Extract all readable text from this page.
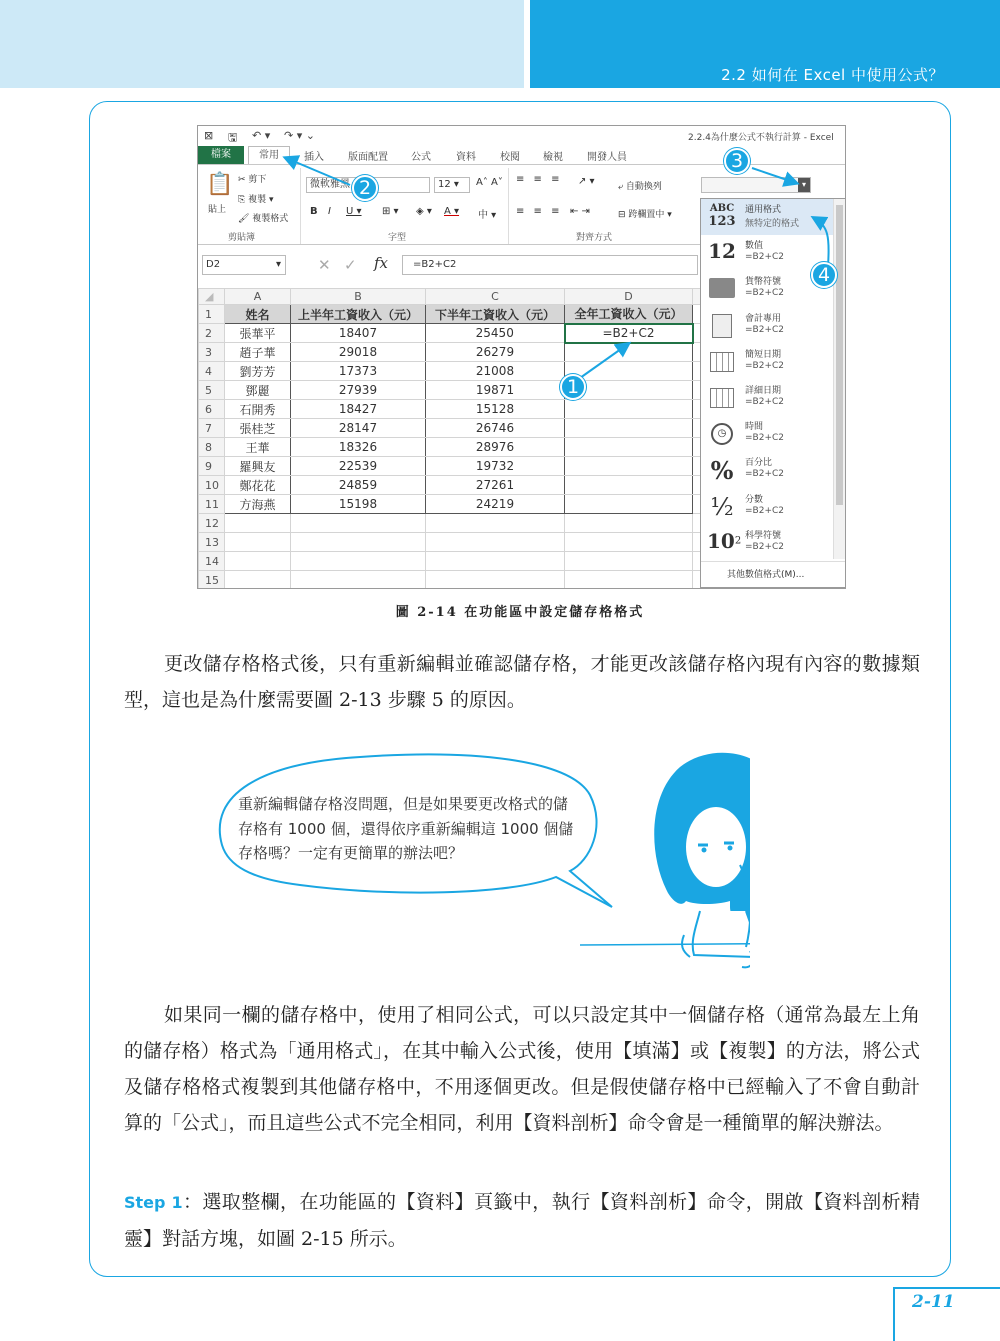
2.2 如何在 Excel 中使用公式？
⊠ 🖫 ↶ ▾ ↷ ▾ ⌄	2.2.4為什麼公式不執行計算 - Excel
檔案	常用	插入 版面配置 公式	資料 校閱 檢視 開發人員
📋
貼上
✂ 剪下
⎘ 複製 ▾
🖌 複製格式
剪貼簿
微軟雅黑	12 ▾	A˄ A˅
B I U ▾ ⊞ ▾ ◈ ▾ A ▾ 中 ▾
字型
≡ ≡ ≡ ↗ ▾	⤶ 自動換列
≡ ≡ ≡ ⇤ ⇥	⊟ 跨欄置中 ▾
對齊方式
▾
D2	▾ ✕ ✓ fx	=B2+C2
◢	A	B	C	D	
1	姓名	上半年工資收入（元）	下半年工資收入（元）	全年工資收入（元）	
2	張華平	18407	25450	=B2+C2	
3	趙子華	29018	26279		
4	劉芳芳	17373	21008		
5	鄧麗	27939	19871		
6	石開秀	18427	15128		
7	張桂芝	28147	26746		
8	王華	18326	28976		
9	羅興友	22539	19732		
10	鄭花花	24859	27261		
11	方海燕	15198	24219		
12					
13					
14					
15					
ABC
123
通用格式
無特定的格式
12 數值
=B2+C2
貨幣符號
=B2+C2
會計專用
=B2+C2
簡短日期
=B2+C2
詳細日期
=B2+C2
◷
時間
=B2+C2
%	百分比
=B2+C2
½	分數
=B2+C2
$10^2$ 科學符號
=B2+C2
其他數值格式(M)...
1
2
3
4
圖 2-14 在功能區中設定儲存格格式
更改儲存格格式後，只有重新編輯並確認儲存格，才能更改該儲存格內現有內容的數據類型，這也是為什麼需要圖 2-13 步驟 5 的原因。
重新編輯儲存格沒問題，但是如果要更改格式的儲存格有 1000 個，還得依序重新編輯這 1000 個儲存格嗎？一定有更簡單的辦法吧？
如果同一欄的儲存格中，使用了相同公式，可以只設定其中一個儲存格（通常為最左上角的儲存格）格式為「通用格式」，在其中輸入公式後，使用【填滿】或【複製】的方法，將公式及儲存格格式複製到其他儲存格中，不用逐個更改。但是假使儲存格中已經輸入了不會自動計算的「公式」，而且這些公式不完全相同，利用【資料剖析】命令會是一種簡單的解決辦法。
Step 1：選取整欄，在功能區的【資料】頁籤中，執行【資料剖析】命令，開啟【資料剖析精靈】對話方塊，如圖 2-15 所示。
2-11
